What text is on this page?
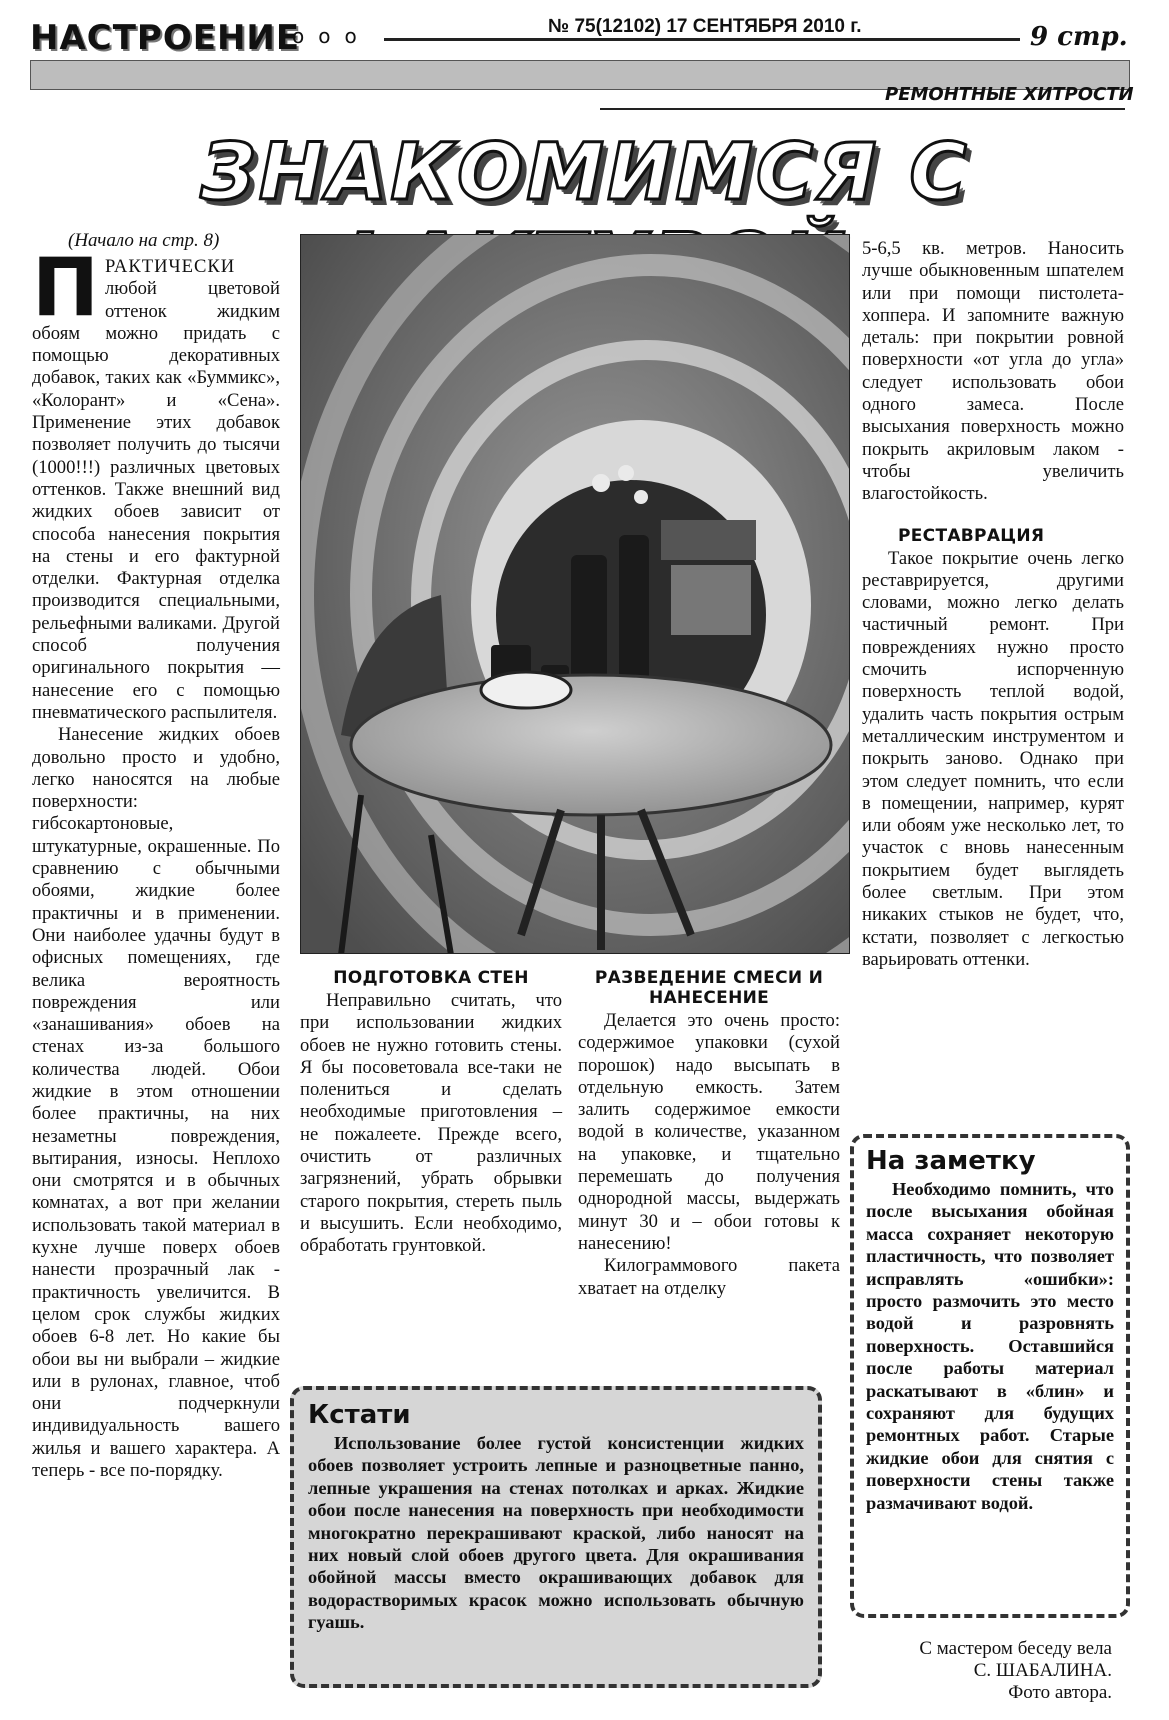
НАСТРОЕНИЕ
ооо	№ 75(12102) 17 СЕНТЯБРЯ 2010 г.	9 стр.
РЕМОНТНЫЕ ХИТРОСТИ
ЗНАКОМИМСЯ С
(Начало на стр. 8)

ПРАКТИЧЕСКИ любой цветовой оттенок жидким обоям можно придать с помощью декоративных добавок, таких как «Буммикс», «Колорант» и «Сена». Применение этих добавок позволяет получить до тысячи (1000!!!) различных цветовых оттенков. Также внешний вид жидких обоев зависит от способа нанесения покрытия на стены и его фактурной отделки. Фактурная отделка производится специальными, рельефными валиками. Другой способ получения оригинального покрытия — нанесение его с помощью пневматического распылителя.

Нанесение жидких обоев довольно просто и удобно, легко наносятся на любые поверхности: гибсокартоновые, штукатурные, окрашенные. По сравнению с обычными обоями, жидкие более практичны и в применении. Они наиболее удачны будут в офисных помещениях, где велика вероятность повреждения или «занашивания» обоев на стенах из-за большого количества людей. Обои жидкие в этом отношении более практичны, на них незаметны повреждения, вытирания, износы. Неплохо они смотрятся и в обычных комнатах, а вот при желании использовать такой материал в кухне лучше поверх обоев нанести прозрачный лак - практичность увеличится. В целом срок службы жидких обоев 6-8 лет. Но какие бы обои вы ни выбрали – жидкие или в рулонах, главное, чтоб они подчеркнули индивидуальность вашего жилья и вашего характера. А теперь - все по-порядку.

ПОДГОТОВКА СТЕН

Неправильно считать, что при использовании жидких обоев не нужно готовить стены. Я бы посоветовала все-таки не полениться и сделать необходимые приготовления – не пожалеете. Прежде всего, очистить от различных загрязнений, убрать обрывки старого покрытия, стереть пыль и высушить. Если необходимо, обработать грунтовкой.

РАЗВЕДЕНИЕ СМЕСИ И НАНЕСЕНИЕ

Делается это очень просто: содержимое упаковки (сухой порошок) надо высыпать в отдельную емкость. Затем залить содержимое емкости водой в количестве, указанном на упаковке, и тщательно перемешать до получения однородной массы, выдержать минут 30 и – обои готовы к нанесению!

Килограммового пакета хватает на отделку

5-6,5 кв. метров. Наносить лучше обыкновенным шпателем или при помощи пистолета-хоппера. И запомните важную деталь: при покрытии ровной поверхности «от угла до угла» следует использовать обои одного замеса. После высыхания поверхность можно покрыть акриловым лаком - чтобы увеличить влагостойкость.

РЕСТАВРАЦИЯ

Такое покрытие очень легко реставрируется, другими словами, можно легко делать частичный ремонт. При повреждениях нужно просто смочить испорченную поверхность теплой водой, удалить часть покрытия острым металлическим инструментом и покрыть заново. Однако при этом следует помнить, что если в помещении, например, курят или обоям уже несколько лет, то участок с вновь нанесенным покрытием будет выглядеть более светлым. При этом никаких стыков не будет, что, кстати, позволяет с легкостью варьировать оттенки.

Кстати

Использование более густой консистенции жидких обоев позволяет устроить лепные и разноцветные панно, лепные украшения на стенах потолках и арках. Жидкие обои после нанесения на поверхность при необходимости многократно перекрашивают краской, либо наносят на них новый слой обоев другого цвета. Для окрашивания обойной массы вместо окрашивающих добавок для водорастворимых красок можно использовать обычную гуашь.

На заметку

Необходимо помнить, что после высыхания обойная масса сохраняет некоторую пластичность, что позволяет исправлять «ошибки»: просто размочить это место водой и разровнять поверхность. Оставшийся после работы материал раскатывают в «блин» и сохраняют для будущих ремонтных работ. Старые жидкие обои для снятия с поверхности стены также размачивают водой.

С мастером беседу вела
С. ШАБАЛИНА.
Фото автора.
